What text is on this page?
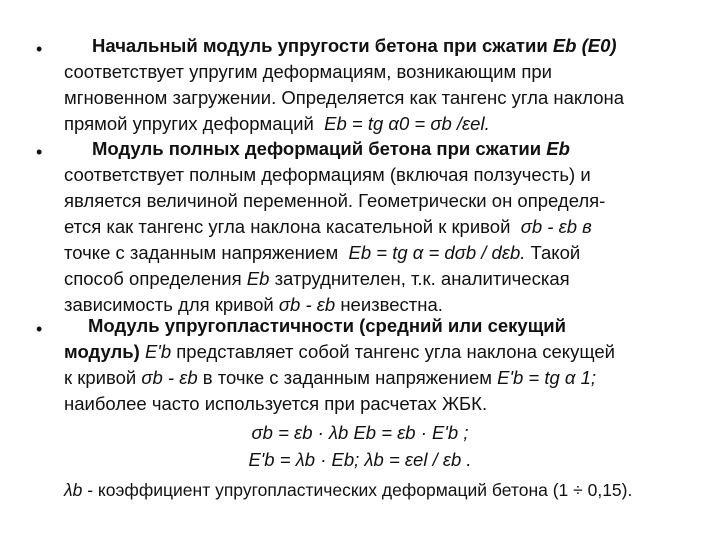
•	Начальный модуль упругости бетона при сжатии Eb (E0)
соответствует упругим деформациям, возникающим при
мгновенном загружении. Определяется как тангенс угла наклона
прямой упругих деформаций Eb = tg α0 = σb /εel.
•	Модуль полных деформаций бетона при сжатии Eb
соответствует полным деформациям (включая ползучесть) и
является величиной переменной. Геометрически он определя-
ется как тангенс угла наклона касательной к кривой σb - εb в
точке с заданным напряжением Eb = tg α = dσb / dεb. Такой
способ определения Eb затруднителен, т.к. аналитическая
зависимость для кривой σb - εb неизвестна.
• Модуль упругопластичности (средний или секущий
модуль) E'b представляет собой тангенс угла наклона секущей
к кривой σb - εb в точке с заданным напряжением E'b = tg α 1;
наиболее часто используется при расчетах ЖБК.
σb = εb · λb Eb = εb · E'b ;
E'b = λb · Eb; λb = εel / εb .
λb - коэффициент упругопластических деформаций бетона (1 ÷ 0,15).
